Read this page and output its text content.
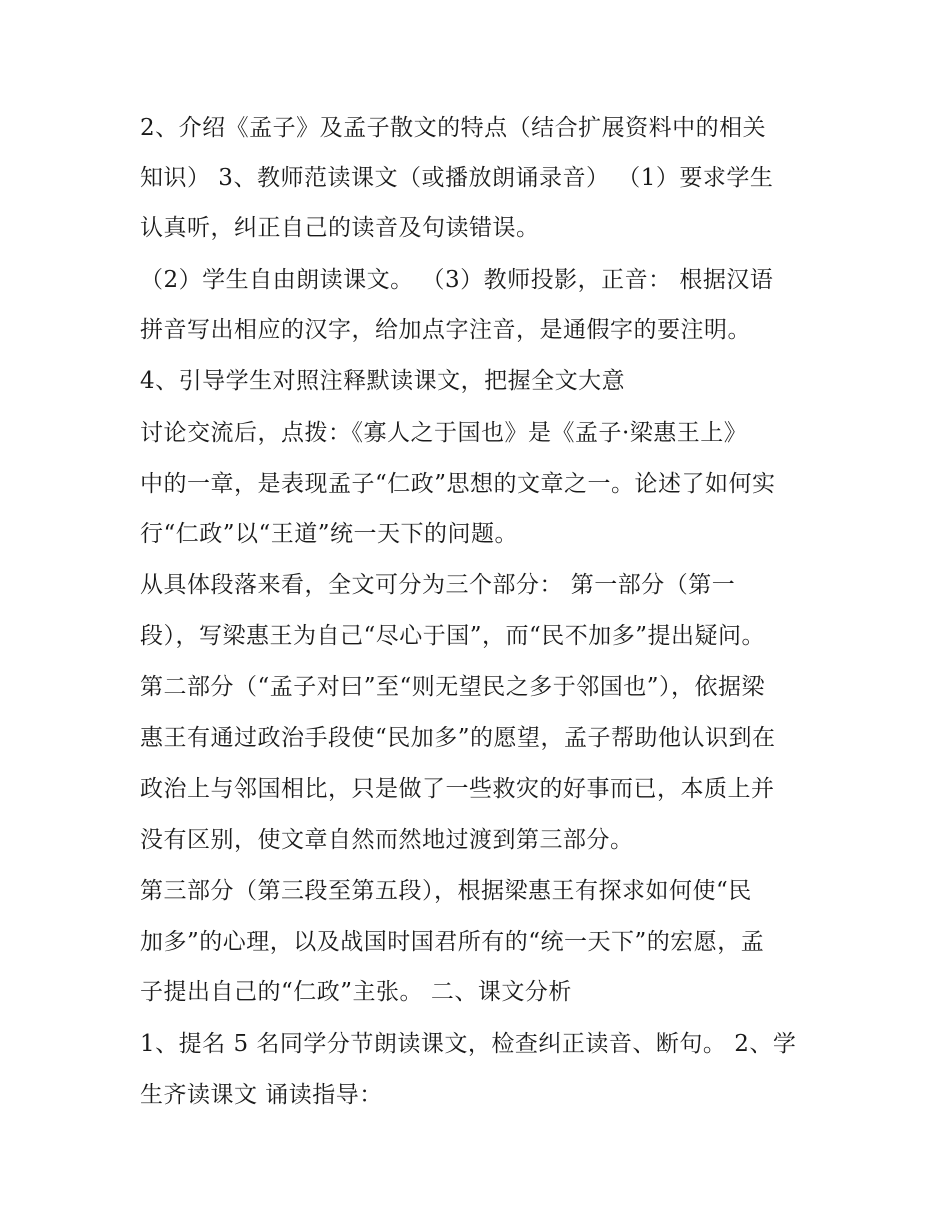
2、介绍《孟子》及孟子散文的特点（结合扩展资料中的相关
知识） 3、教师范读课文（或播放朗诵录音） （1）要求学生
认真听，纠正自己的读音及句读错误。
（2）学生自由朗读课文。 （3）教师投影，正音： 根据汉语
拼音写出相应的汉字，给加点字注音，是通假字的要注明。
4、引导学生对照注释默读课文，把握全文大意
讨论交流后，点拨：《寡人之于国也》是《孟子·梁惠王上》
中的一章，是表现孟子“仁政”思想的文章之一。论述了如何实
行“仁政”以“王道”统一天下的问题。
从具体段落来看，全文可分为三个部分： 第一部分（第一
段），写梁惠王为自己“尽心于国”，而“民不加多”提出疑问。
第二部分（“孟子对曰”至“则无望民之多于邻国也”），依据梁
惠王有通过政治手段使“民加多”的愿望，孟子帮助他认识到在
政治上与邻国相比，只是做了一些救灾的好事而已，本质上并
没有区别，使文章自然而然地过渡到第三部分。
第三部分（第三段至第五段），根据梁惠王有探求如何使“民
加多”的心理，以及战国时国君所有的“统一天下”的宏愿，孟
子提出自己的“仁政”主张。 二、课文分析
1、提名 5 名同学分节朗读课文，检查纠正读音、断句。 2、学
生齐读课文 诵读指导：
